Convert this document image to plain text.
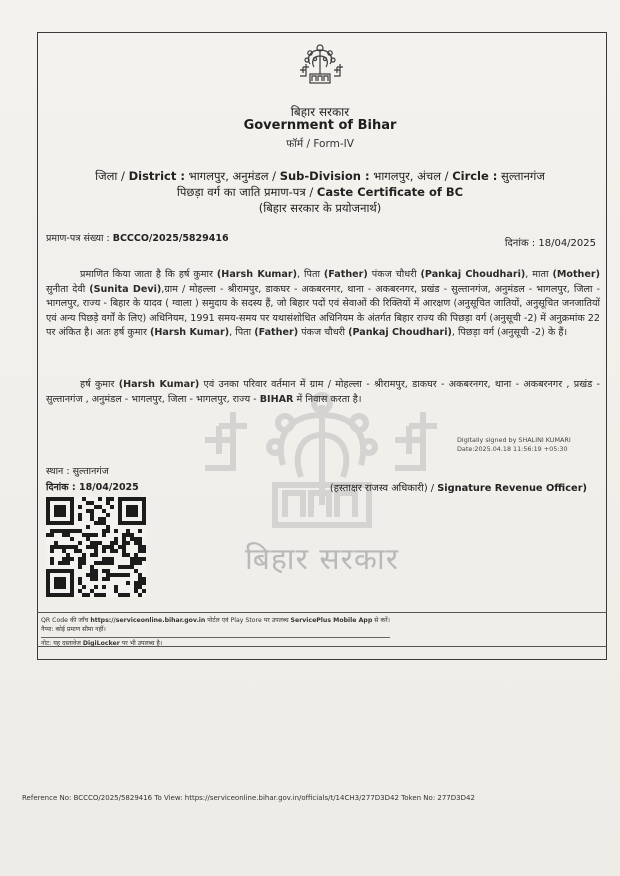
बिहार सरकार
बिहार सरकार
Government of Bihar
फॉर्म / Form-IV
जिला / District : भागलपुर, अनुमंडल / Sub-Division : भागलपुर, अंचल / Circle : सुल्तानगंज
पिछड़ा वर्ग का जाति प्रमाण-पत्र / Caste Certificate of BC
(बिहार सरकार के प्रयोजनार्थ)
प्रमाण-पत्र संख्या : BCCCO/2025/5829416	दिनांक : 18/04/2025
प्रमाणित किया जाता है कि हर्ष कुमार (Harsh Kumar), पिता (Father) पंकज चौधरी (Pankaj Choudhari), माता (Mother) सुनीता देवी (Sunita Devi),ग्राम / मोहल्ला - श्रीरामपुर, डाकघर - अकबरनगर, थाना - अकबरनगर, प्रखंड - सुल्तानगंज, अनुमंडल - भागलपुर, जिला - भागलपुर, राज्य - बिहार के यादव ( ग्वाला ) समुदाय के सदस्य हैं, जो बिहार पदों एवं सेवाओं की रिक्तियों में आरक्षण (अनुसूचित जातियों, अनुसूचित जनजातियों एवं अन्य पिछड़े वर्गों के लिए) अधिनियम, 1991 समय-समय पर यथासंशोधित अधिनियम के अंतर्गत बिहार राज्य की पिछड़ा वर्ग (अनुसूची -2) में अनुक्रमांक 22 पर अंकित है। अतः हर्ष कुमार (Harsh Kumar), पिता (Father) पंकज चौधरी (Pankaj Choudhari), पिछड़ा वर्ग (अनुसूची -2) के हैं।
हर्ष कुमार (Harsh Kumar) एवं उनका परिवार वर्तमान में ग्राम / मोहल्ला - श्रीरामपुर, डाकघर - अकबरनगर, थाना - अकबरनगर , प्रखंड - सुल्तानगंज , अनुमंडल - भागलपुर, जिला - भागलपुर, राज्य - BIHAR में निवास करता है।
Digitally signed by SHALINI KUMARI
Date:2025.04.18 11:56:19 +05:30
स्थान : सुल्तानगंज
दिनांक : 18/04/2025	(हस्ताक्षर राजस्व अधिकारी) / Signature Revenue Officer)
QR Code की जाँच https://serviceonline.bihar.gov.in पोर्टल एवं Play Store पर उपलब्ध ServicePlus Mobile App से करें।
नैप्पा: कोई प्रमाण सीमा नहीं।
नोट: यह दस्तावेज DigiLocker पर भी उपलब्ध है।
Reference No: BCCCO/2025/5829416 To View: https://serviceonline.bihar.gov.in/officials/t/14CH3/277D3D42 Token No: 277D3D42
